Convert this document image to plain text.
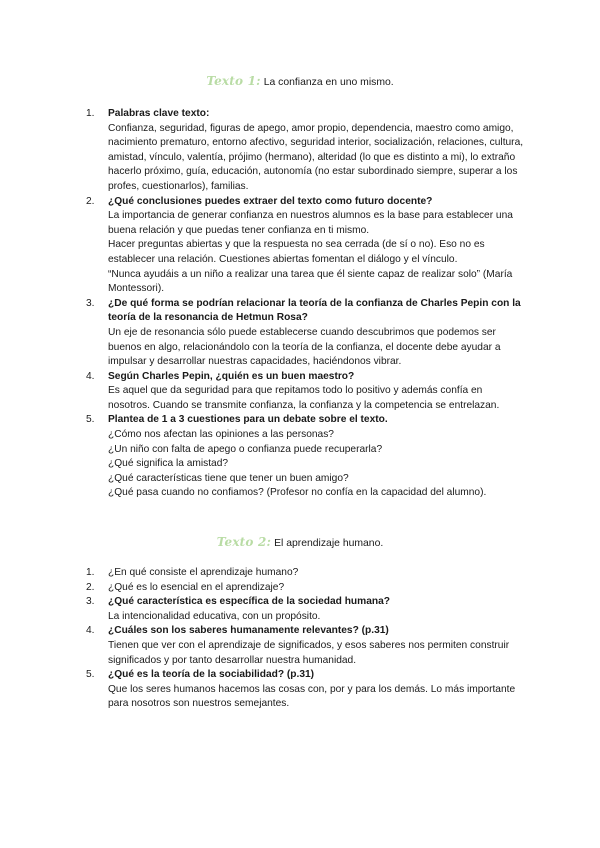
Texto 1: La confianza en uno mismo.
1. Palabras clave texto:

Confianza, seguridad, figuras de apego, amor propio, dependencia, maestro como amigo, nacimiento prematuro, entorno afectivo, seguridad interior, socialización, relaciones, cultura, amistad, vínculo, valentía, prójimo (hermano), alteridad (lo que es distinto a mi), lo extraño hacerlo próximo, guía, educación, autonomía (no estar subordinado siempre, superar a los profes, cuestionarlos), familias.

2. ¿Qué conclusiones puedes extraer del texto como futuro docente?

La importancia de generar confianza en nuestros alumnos es la base para establecer una buena relación y que puedas tener confianza en ti mismo.

Hacer preguntas abiertas y que la respuesta no sea cerrada (de sí o no). Eso no es establecer una relación. Cuestiones abiertas fomentan el diálogo y el vínculo.

“Nunca ayudáis a un niño a realizar una tarea que él siente capaz de realizar solo” (María Montessori).

3. ¿De qué forma se podrían relacionar la teoría de la confianza de Charles Pepin con la teoría de la resonancia de Hetmun Rosa?

Un eje de resonancia sólo puede establecerse cuando descubrimos que podemos ser buenos en algo, relacionándolo con la teoría de la confianza, el docente debe ayudar a impulsar y desarrollar nuestras capacidades, haciéndonos vibrar.

4. Según Charles Pepin, ¿quién es un buen maestro?

Es aquel que da seguridad para que repitamos todo lo positivo y además confía en nosotros. Cuando se transmite confianza, la confianza y la competencia se entrelazan.

5. Plantea de 1 a 3 cuestiones para un debate sobre el texto.

¿Cómo nos afectan las opiniones a las personas?

¿Un niño con falta de apego o confianza puede recuperarla?

¿Qué significa la amistad?

¿Qué características tiene que tener un buen amigo?

¿Qué pasa cuando no confiamos? (Profesor no confía en la capacidad del alumno).

Texto 2: El aprendizaje humano.
1. ¿En qué consiste el aprendizaje humano?
2. ¿Qué es lo esencial en el aprendizaje?
3. ¿Qué característica es específica de la sociedad humana?

La intencionalidad educativa, con un propósito.

4. ¿Cuáles son los saberes humanamente relevantes? (p.31)

Tienen que ver con el aprendizaje de significados, y esos saberes nos permiten construir significados y por tanto desarrollar nuestra humanidad.

5. ¿Qué es la teoría de la sociabilidad? (p.31)

Que los seres humanos hacemos las cosas con, por y para los demás. Lo más importante para nosotros son nuestros semejantes.
